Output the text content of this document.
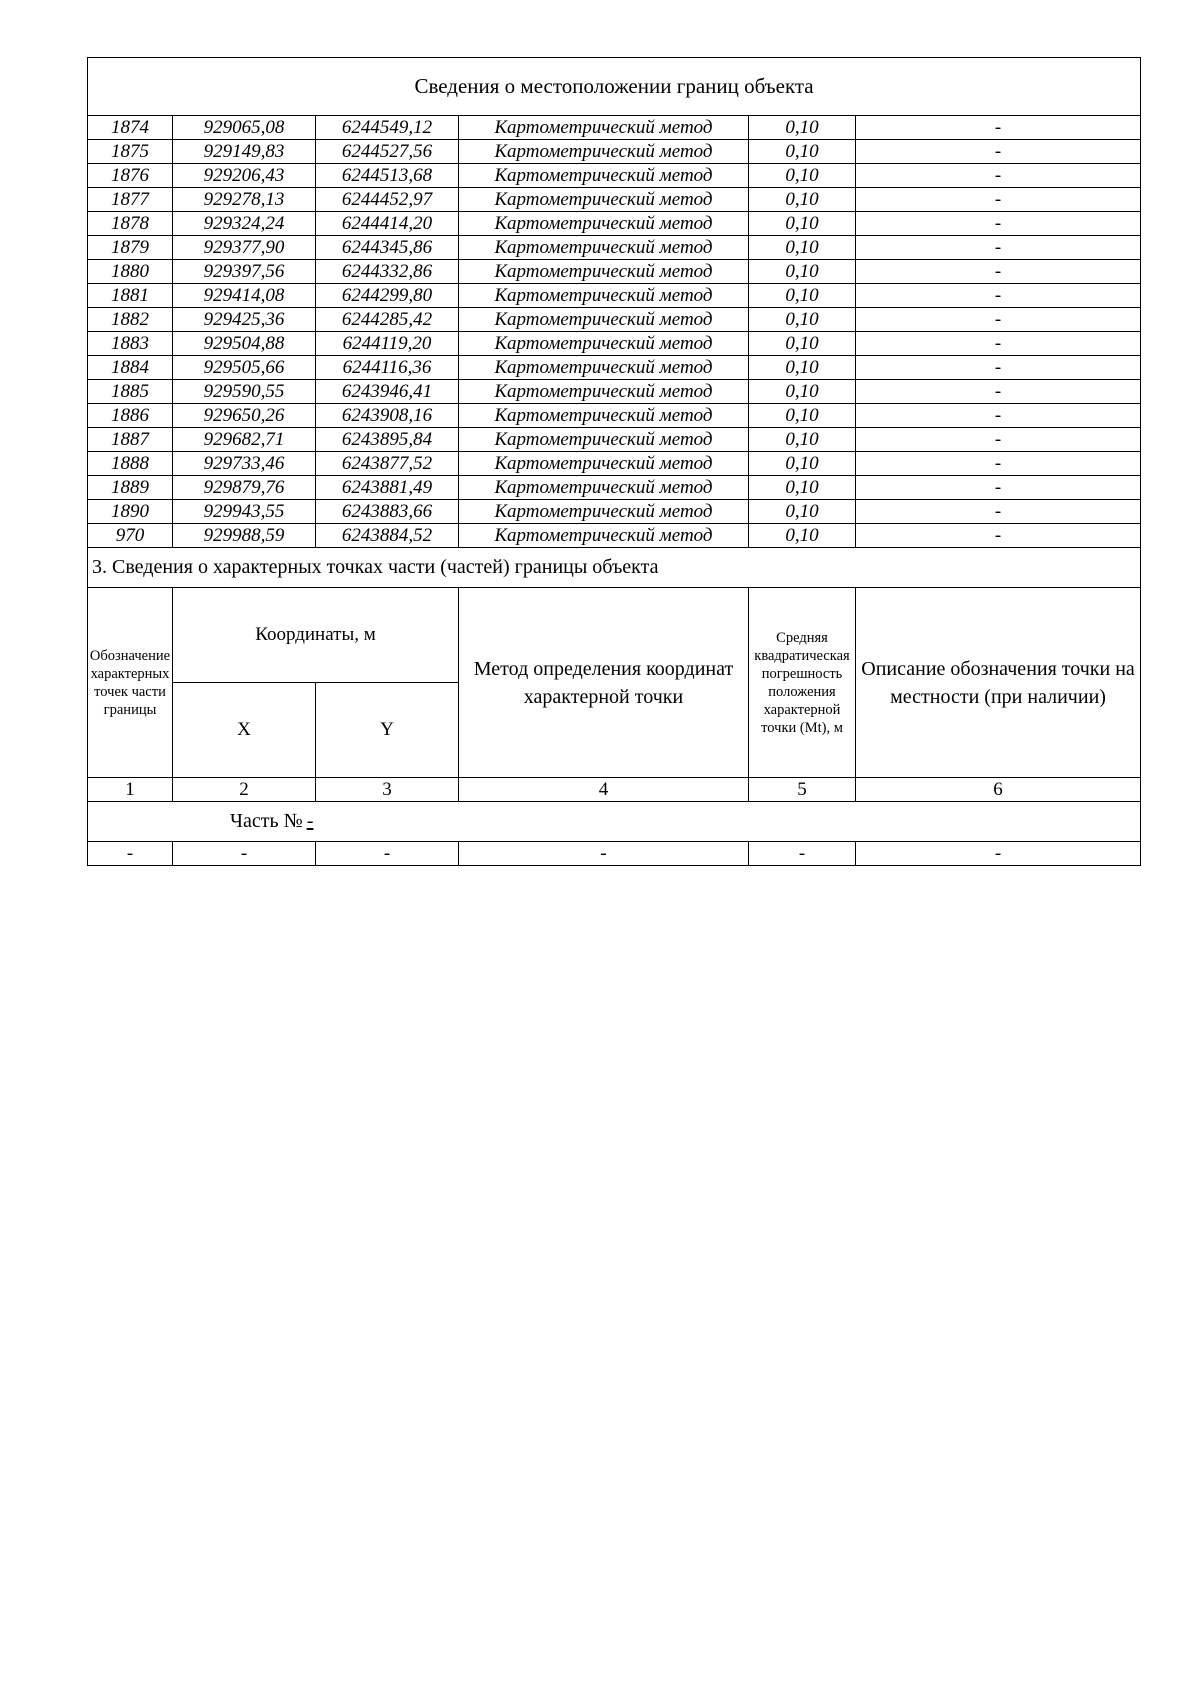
Сведения о местоположении границ объекта					
1874	929065,08	6244549,12	Картометрический метод	0,10	-
1875	929149,83	6244527,56	Картометрический метод	0,10	-
1876	929206,43	6244513,68	Картометрический метод	0,10	-
1877	929278,13	6244452,97	Картометрический метод	0,10	-
1878	929324,24	6244414,20	Картометрический метод	0,10	-
1879	929377,90	6244345,86	Картометрический метод	0,10	-
1880	929397,56	6244332,86	Картометрический метод	0,10	-
1881	929414,08	6244299,80	Картометрический метод	0,10	-
1882	929425,36	6244285,42	Картометрический метод	0,10	-
1883	929504,88	6244119,20	Картометрический метод	0,10	-
1884	929505,66	6244116,36	Картометрический метод	0,10	-
1885	929590,55	6243946,41	Картометрический метод	0,10	-
1886	929650,26	6243908,16	Картометрический метод	0,10	-
1887	929682,71	6243895,84	Картометрический метод	0,10	-
1888	929733,46	6243877,52	Картометрический метод	0,10	-
1889	929879,76	6243881,49	Картометрический метод	0,10	-
1890	929943,55	6243883,66	Картометрический метод	0,10	-
970	929988,59	6243884,52	Картометрический метод	0,10	-
3. Сведения о характерных точках части (частей) границы объекта					
Обозначение характерных точек части границы	Координаты, м		Метод определения координат характерной точки	Средняя квадратическая погрешность положения характерной точки (Mt), м	Описание обозначения точки на местности (при наличии)
	X	Y			
1	2	3	4	5	6
Часть № -					
-	-	-	-	-	-
